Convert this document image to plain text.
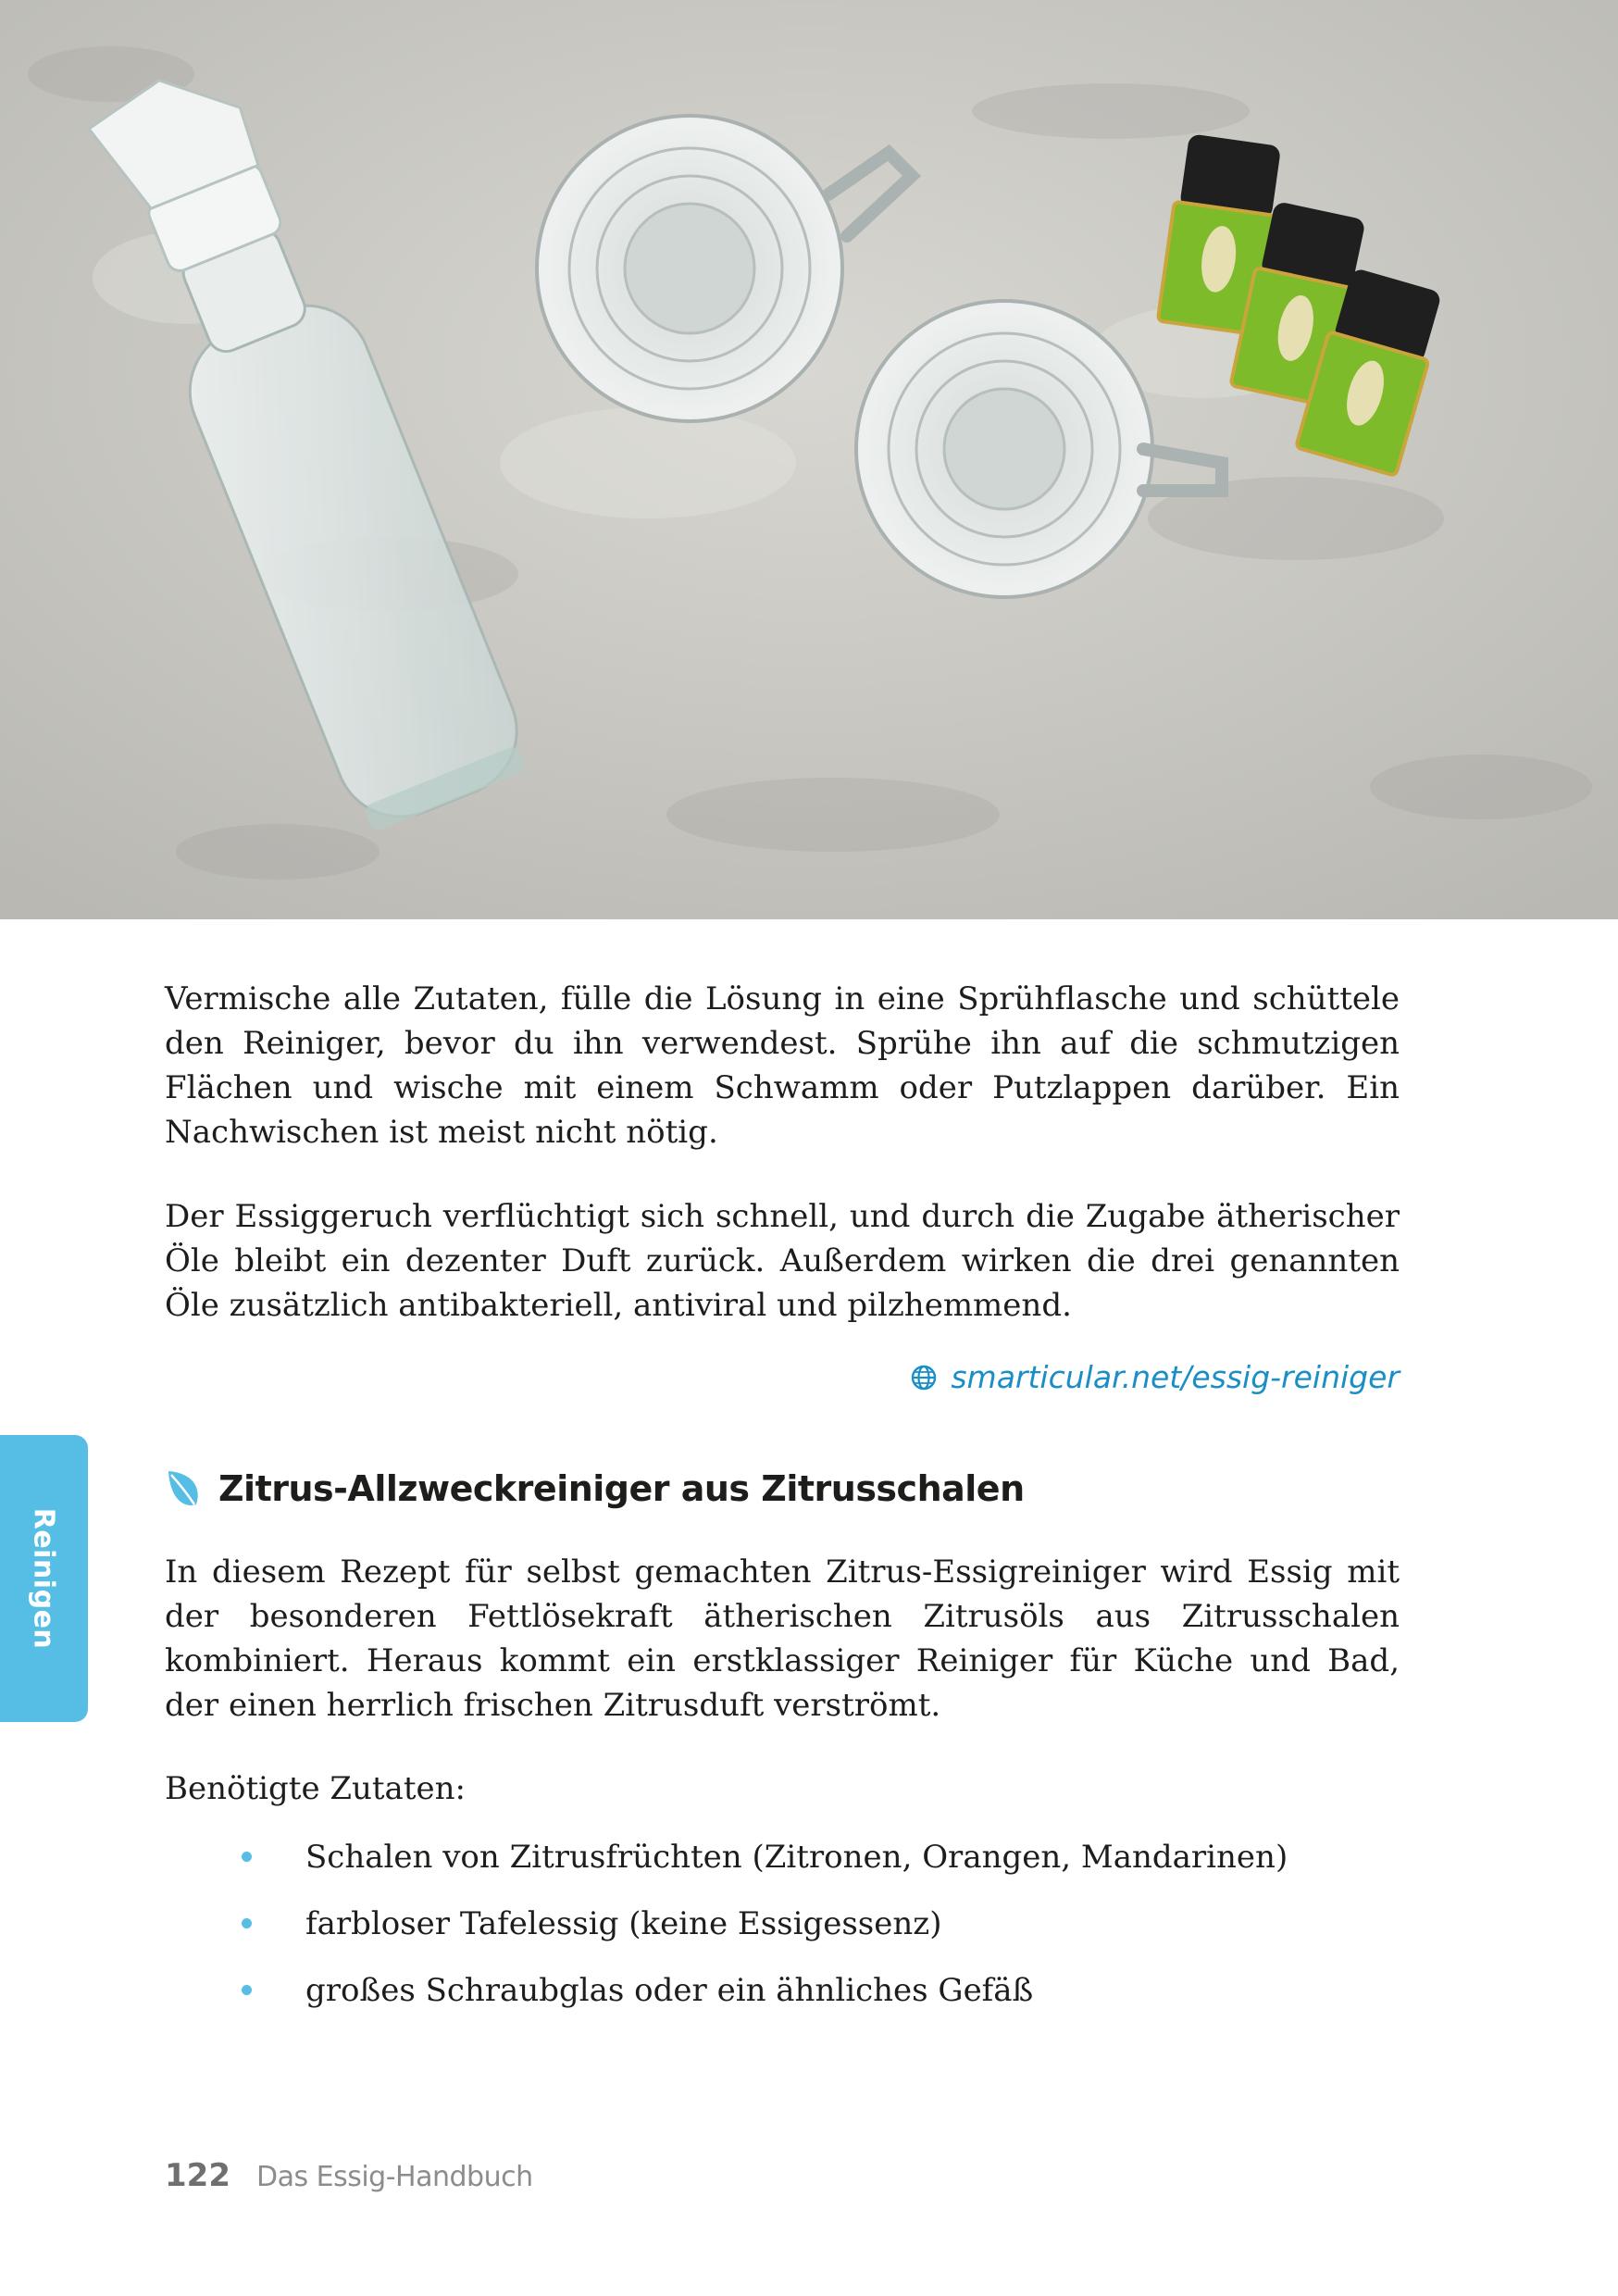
Vermische alle Zutaten, fülle die Lösung in eine Sprühflasche und schüttele den Reiniger, bevor du ihn verwendest. Sprühe ihn auf die schmutzigen Flächen und wische mit einem Schwamm oder Putzlappen darüber. Ein Nachwischen ist meist nicht nötig.

Der Essiggeruch verflüchtigt sich schnell, und durch die Zugabe ätherischer Öle bleibt ein dezenter Duft zurück. Außerdem wirken die drei genannten Öle zusätzlich antibakteriell, antiviral und pilzhemmend.

smarticular.net/essig-reiniger
Reinigen
Zitrus-Allzweckreiniger aus Zitrusschalen

In diesem Rezept für selbst gemachten Zitrus-Essigreiniger wird Essig mit der besonderen Fettlösekraft ätherischen Zitrusöls aus Zitrusschalen kombiniert. Heraus kommt ein erstklassiger Reiniger für Küche und Bad, der einen herrlich frischen Zitrusduft verströmt.

Benötigte Zutaten:

Schalen von Zitrusfrüchten (Zitronen, Orangen, Mandarinen)
farbloser Tafelessig (keine Essigessenz)
großes Schraubglas oder ein ähnliches Gefäß
122 Das Essig-Handbuch
